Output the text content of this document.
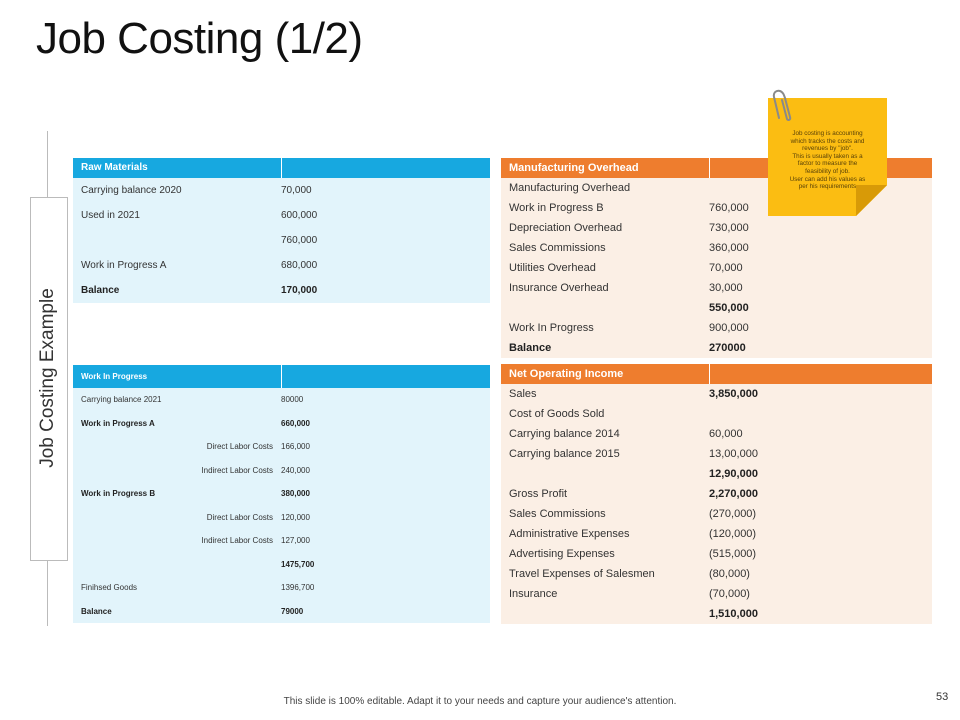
Job Costing (1/2)
Job Costing Example
Raw Materials
Carrying balance 2020	70,000
Used in 2021	600,000
760,000
Work in Progress A	680,000
Balance	170,000
Work In Progress
Carrying balance 2021	80000
Work in Progress A	660,000
Direct Labor Costs	166,000
Indirect Labor Costs	240,000
Work in Progress B	380,000
Direct Labor Costs	120,000
Indirect Labor Costs	127,000
1475,700
Finihsed Goods	1396,700
Balance	79000
Manufacturing Overhead
Manufacturing Overhead
Work in Progress B	760,000
Depreciation Overhead	730,000
Sales Commissions	360,000
Utilities Overhead	70,000
Insurance Overhead	30,000
550,000
Work In Progress	900,000
Balance	270000
Net Operating Income
Sales	3,850,000
Cost of Goods Sold
Carrying balance 2014	60,000
Carrying balance 2015	13,00,000
12,90,000
Gross Profit	2,270,000
Sales Commissions	(270,000)
Administrative Expenses	(120,000)
Advertising Expenses	(515,000)
Travel Expenses of Salesmen	(80,000)
Insurance	(70,000)
1,510,000
Job costing is accounting
which tracks the costs and
revenues by "job".
This is usually taken as a
factor to measure the
feasibility of job.
User can add his values as
per his requirements
This slide is 100% editable. Adapt it to your needs and capture your audience's attention.	53
